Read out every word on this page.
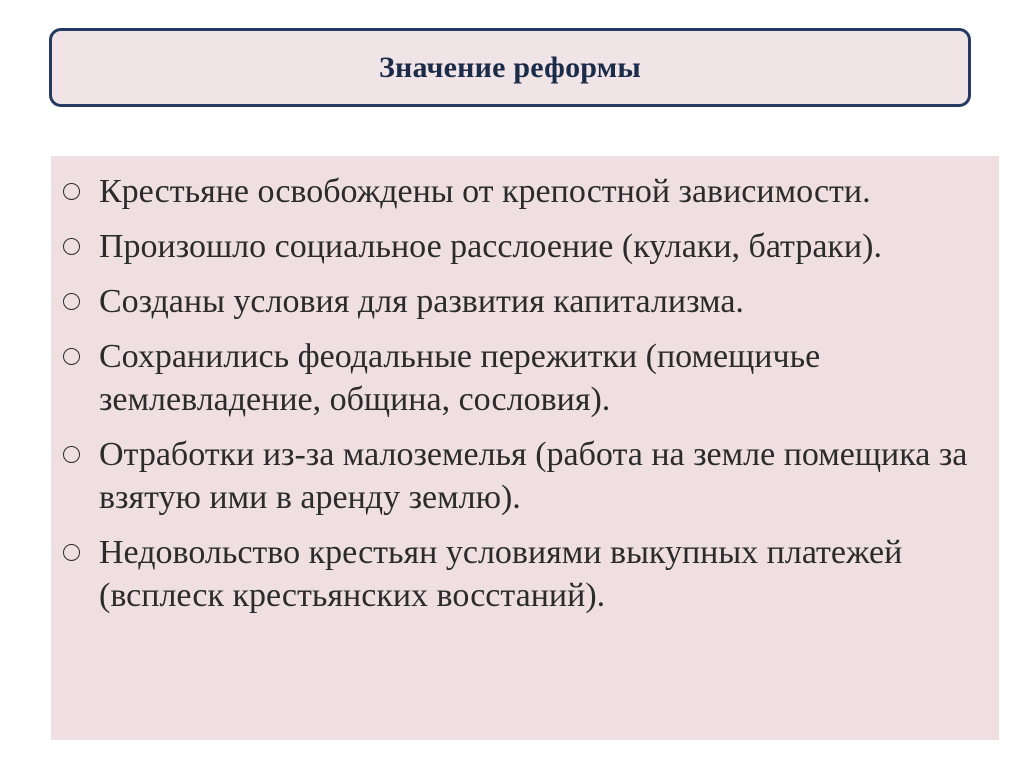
Значение реформы
Крестьяне освобождены от крепостной зависимости.
Произошло социальное расслоение (кулаки, батраки).
Созданы условия для развития капитализма.
Сохранились феодальные пережитки (помещичье землевладение, община, сословия).
Отработки из-за малоземелья (работа на земле помещика за взятую ими в аренду землю).
Недовольство крестьян условиями выкупных платежей (всплеск крестьянских восстаний).
